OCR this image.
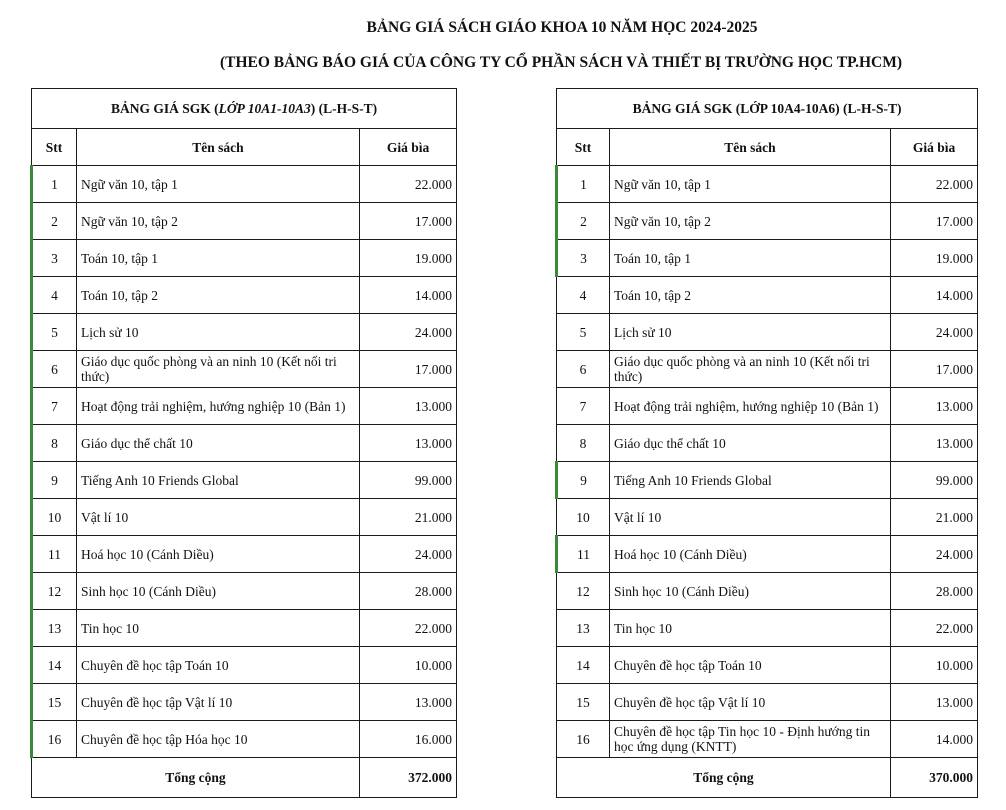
BẢNG GIÁ SÁCH GIÁO KHOA 10 NĂM HỌC 2024-2025
(THEO BẢNG BÁO GIÁ CỦA CÔNG TY CỔ PHẦN SÁCH VÀ THIẾT BỊ TRƯỜNG HỌC TP.HCM)
BẢNG GIÁ SGK (LỚP 10A1-10A3) (L-H-S-T)		
Stt	Tên sách	Giá bìa
1	Ngữ văn 10, tập 1	22.000
2	Ngữ văn 10, tập 2	17.000
3	Toán 10, tập 1	19.000
4	Toán 10, tập 2	14.000
5	Lịch sử 10	24.000
6	Giáo dục quốc phòng và an ninh 10 (Kết nối tri thức)	17.000
7	Hoạt động trải nghiệm, hướng nghiệp 10 (Bản 1)	13.000
8	Giáo dục thể chất 10	13.000
9	Tiếng Anh 10 Friends Global	99.000
10	Vật lí 10	21.000
11	Hoá học 10 (Cánh Diều)	24.000
12	Sinh học 10 (Cánh Diều)	28.000
13	Tin học 10	22.000
14	Chuyên đề học tập Toán 10	10.000
15	Chuyên đề học tập Vật lí 10	13.000
16	Chuyên đề học tập Hóa học 10	16.000
Tổng cộng		372.000
BẢNG GIÁ SGK (LỚP 10A4-10A6) (L-H-S-T)		
Stt	Tên sách	Giá bìa
1	Ngữ văn 10, tập 1	22.000
2	Ngữ văn 10, tập 2	17.000
3	Toán 10, tập 1	19.000
4	Toán 10, tập 2	14.000
5	Lịch sử 10	24.000
6	Giáo dục quốc phòng và an ninh 10 (Kết nối tri thức)	17.000
7	Hoạt động trải nghiệm, hướng nghiệp 10 (Bản 1)	13.000
8	Giáo dục thể chất 10	13.000
9	Tiếng Anh 10 Friends Global	99.000
10	Vật lí 10	21.000
11	Hoá học 10 (Cánh Diều)	24.000
12	Sinh học 10 (Cánh Diều)	28.000
13	Tin học 10	22.000
14	Chuyên đề học tập Toán 10	10.000
15	Chuyên đề học tập Vật lí 10	13.000
16	Chuyên đề học tập Tin học 10 - Định hướng tin học ứng dụng (KNTT)	14.000
Tổng cộng		370.000
